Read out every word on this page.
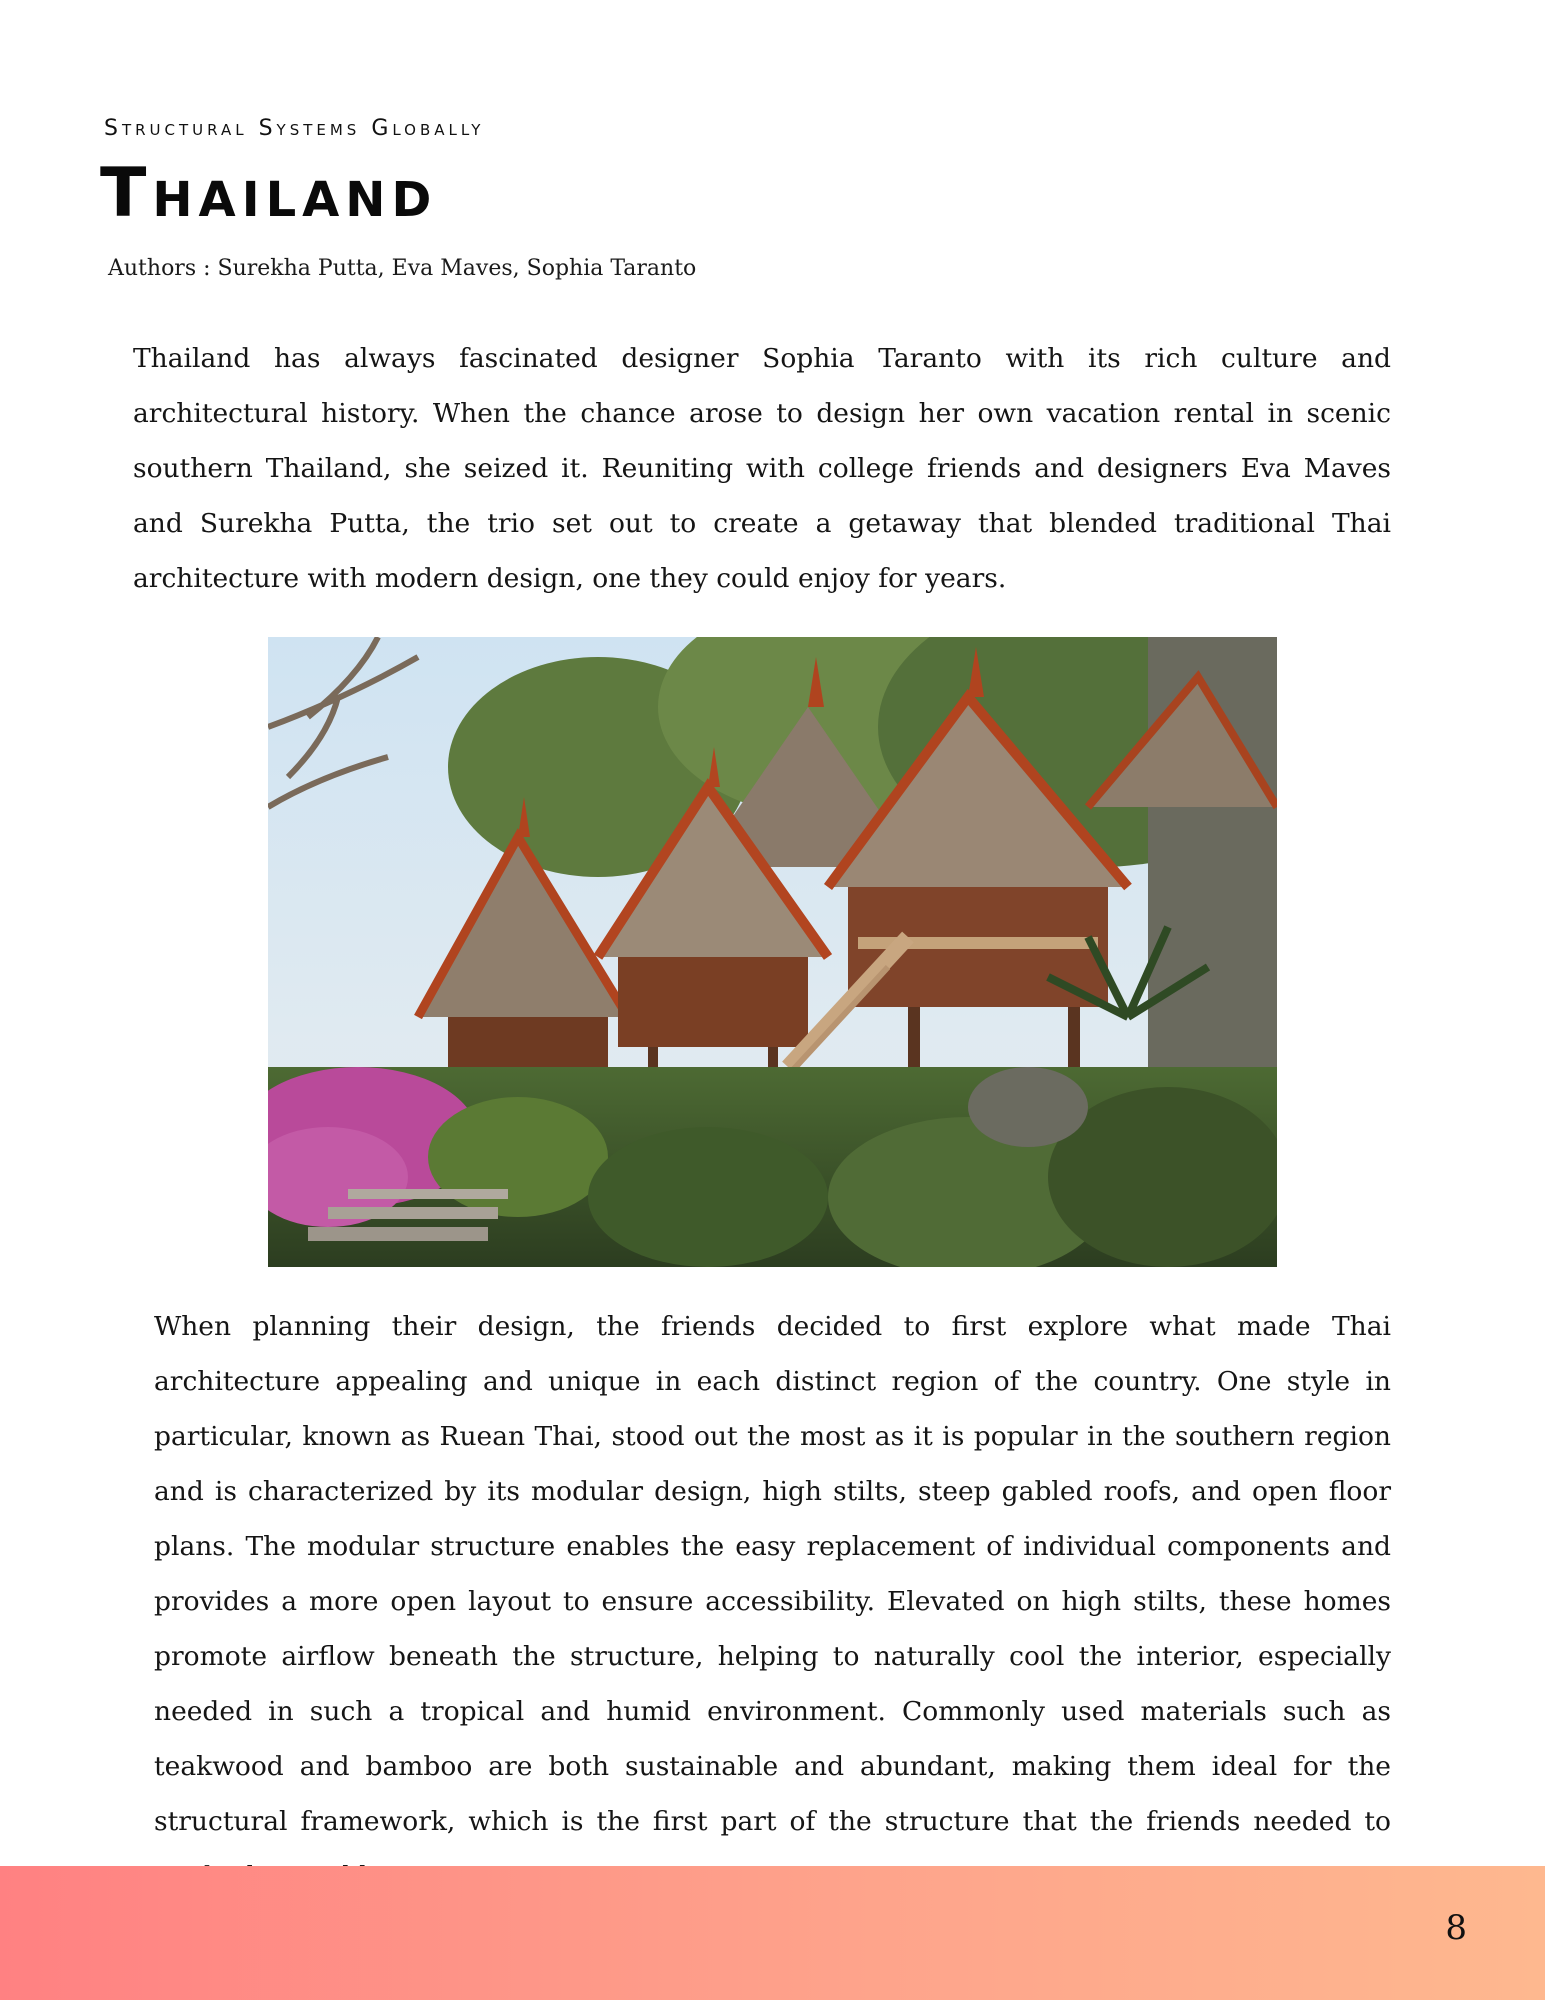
Structural Systems Globally
Thailand
Authors : Surekha Putta, Eva Maves, Sophia Taranto

Thailand has always fascinated designer Sophia Taranto with its rich culture and architectural history. When the chance arose to design her own vacation rental in scenic southern Thailand, she seized it. Reuniting with college friends and designers Eva Maves and Surekha Putta, the trio set out to create a getaway that blended traditional Thai architecture with modern design, one they could enjoy for years.

When planning their design, the friends decided to first explore what made Thai architecture appealing and unique in each distinct region of the country. One style in particular, known as Ruean Thai, stood out the most as it is popular in the southern region and is characterized by its modular design, high stilts, steep gabled roofs, and open floor plans. The modular structure enables the easy replacement of individual components and provides a more open layout to ensure accessibility. Elevated on high stilts, these homes promote airflow beneath the structure, helping to naturally cool the interior, especially needed in such a tropical and humid environment. Commonly used materials such as teakwood and bamboo are both sustainable and abundant, making them ideal for the structural framework, which is the first part of the structure that the friends needed to

8
